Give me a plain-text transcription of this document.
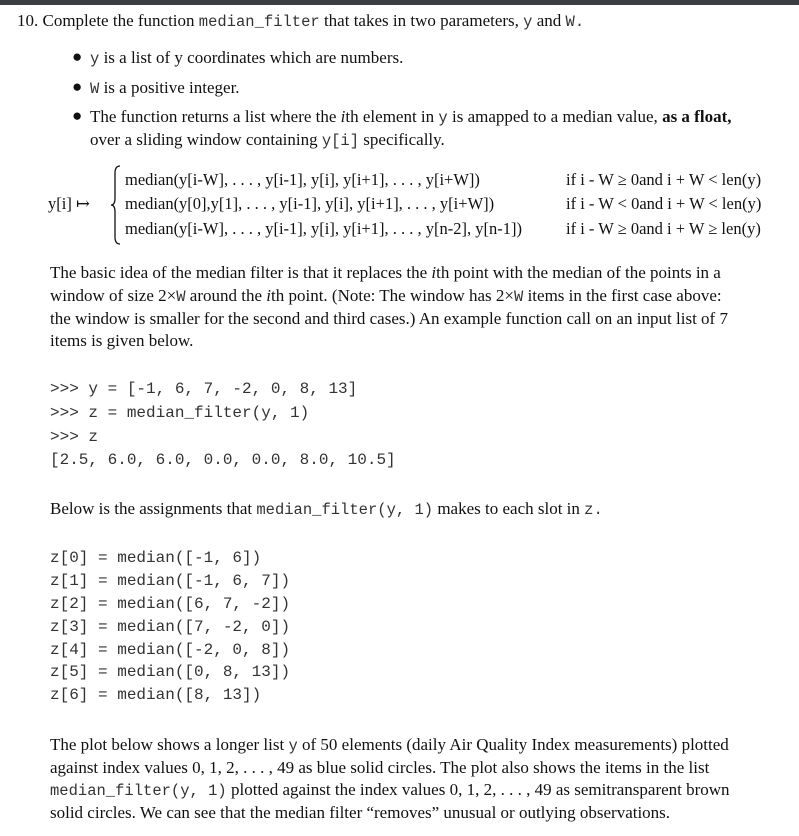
10. Complete the function median_filter that takes in two parameters, y and W.

● y is a list of y coordinates which are numbers.

● W is a positive integer.

● The function returns a list where the ith element in y is amapped to a median value, as a float,

over a sliding window containing y[i] specifically.

y[i] ↦
median(y[i-W], . . . , y[i-1], y[i], y[i+1], . . . , y[i+W])	if i - W ≥ 0and i + W < len(y)
median(y[0],y[1], . . . , y[i-1], y[i], y[i+1], . . . , y[i+W])	if i - W < 0and i + W < len(y)
median(y[i-W], . . . , y[i-1], y[i], y[i+1], . . . , y[n-2], y[n-1])	if i - W ≥ 0and i + W ≥ len(y)

The basic idea of the median filter is that it replaces the ith point with the median of the points in a

window of size 2×W around the ith point. (Note: The window has 2×W items in the first case above:

the window is smaller for the second and third cases.) An example function call on an input list of 7

items is given below.

>>> y = [-1, 6, 7, -2, 0, 8, 13]
>>> z = median_filter(y, 1)
>>> z
[2.5, 6.0, 6.0, 0.0, 0.0, 8.0, 10.5]

Below is the assignments that median_filter(y, 1) makes to each slot in z.

z[0] = median([-1, 6])
z[1] = median([-1, 6, 7])
z[2] = median([6, 7, -2])
z[3] = median([7, -2, 0])
z[4] = median([-2, 0, 8])
z[5] = median([0, 8, 13])
z[6] = median([8, 13])

The plot below shows a longer list y of 50 elements (daily Air Quality Index measurements) plotted

against index values 0, 1, 2, . . . , 49 as blue solid circles. The plot also shows the items in the list

median_filter(y, 1) plotted against the index values 0, 1, 2, . . . , 49 as semitransparent brown

solid circles. We can see that the median filter “removes” unusual or outlying observations.
